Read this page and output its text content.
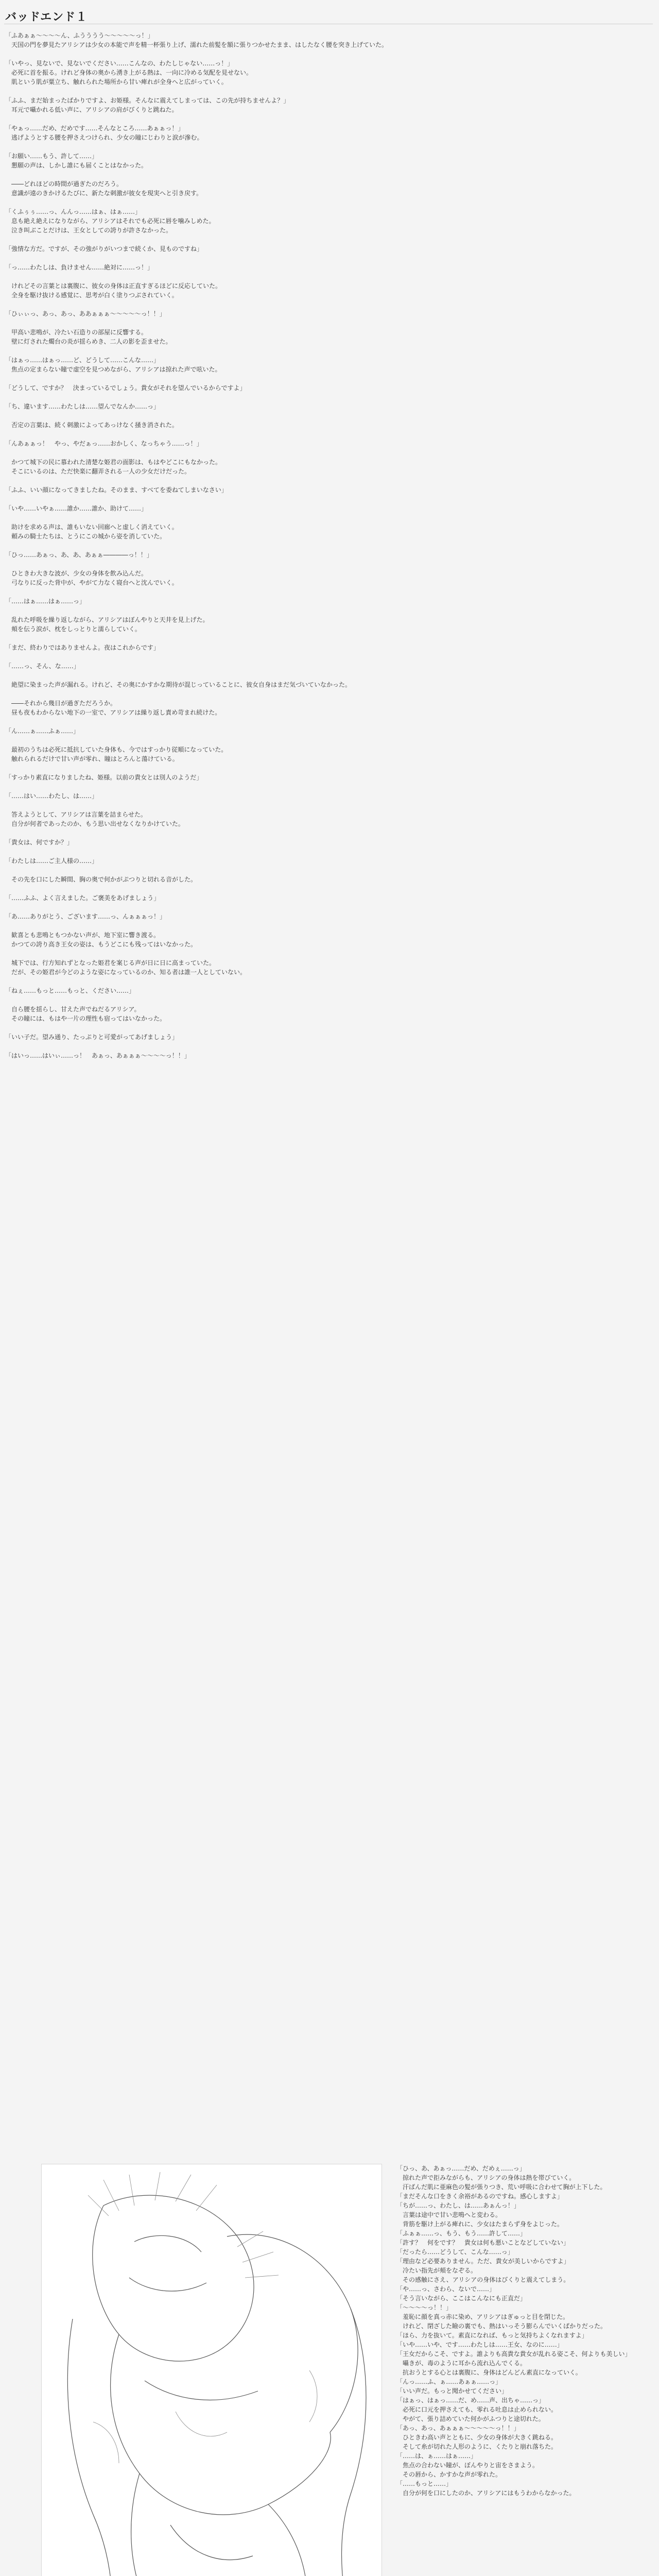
バッドエンド１

「ふあぁぁ～～～～ん、ふうううう～～～～～っ！」

　天国の門を夢見たアリシアは少女の本能で声を精一杯張り上げ、濡れた前髪を額に張りつかせたまま、はしたなく腰を突き上げていた。

「いやっ、見ないで、見ないでください……こんなの、わたしじゃない……っ！」

　必死に首を振る。けれど身体の奥から湧き上がる熱は、一向に冷める気配を見せない。

　肌という肌が粟立ち、触れられた場所から甘い痺れが全身へと広がっていく。

「ふふ、まだ始まったばかりですよ、お姫様。そんなに震えてしまっては、この先が持ちませんよ？」

　耳元で囁かれる低い声に、アリシアの肩がびくりと跳ねた。

「やぁっ……だめ、だめです……そんなところ……あぁぁっ！」

　逃げようとする腰を押さえつけられ、少女の瞳にじわりと涙が滲む。

「お願い……もう、許して……」

　懇願の声は、しかし誰にも届くことはなかった。

　――どれほどの時間が過ぎたのだろう。

　意識が遠のきかけるたびに、新たな刺激が彼女を現実へと引き戻す。

「くふぅぅ……っ、んんっ……はぁ、はぁ……」

　息も絶え絶えになりながら、アリシアはそれでも必死に唇を噛みしめた。

　泣き叫ぶことだけは、王女としての誇りが許さなかった。

「強情な方だ。ですが、その強がりがいつまで続くか、見ものですね」

「っ……わたしは、負けません……絶対に……っ！」

　けれどその言葉とは裏腹に、彼女の身体は正直すぎるほどに反応していた。

　全身を駆け抜ける感覚に、思考が白く塗りつぶされていく。

「ひぃぃっ、あっ、あっ、ああぁぁぁ～～～～～っ！！」

　甲高い悲鳴が、冷たい石造りの部屋に反響する。

　壁に灯された燭台の炎が揺らめき、二人の影を歪ませた。

「はぁっ……はぁっ……ど、どうして……こんな……」

　焦点の定まらない瞳で虚空を見つめながら、アリシアは掠れた声で呟いた。

「どうして、ですか？　決まっているでしょう。貴女がそれを望んでいるからですよ」

「ち、違います……わたしは……望んでなんか……っ」

　否定の言葉は、続く刺激によってあっけなく掻き消された。

「んあぁぁっ！　やっ、やだぁっ……おかしく、なっちゃう……っ！」

　かつて城下の民に慕われた清楚な姫君の面影は、もはやどこにもなかった。

　そこにいるのは、ただ快楽に翻弄される一人の少女だけだった。

「ふふ、いい顔になってきましたね。そのまま、すべてを委ねてしまいなさい」

「いや……いやぁ……誰か……誰か、助けて……」

　助けを求める声は、誰もいない回廊へと虚しく消えていく。

　頼みの騎士たちは、とうにこの城から姿を消していた。

「ひっ……あぁっ、あ、あ、あぁぁ――――っ！！」

　ひときわ大きな波が、少女の身体を飲み込んだ。

　弓なりに反った背中が、やがて力なく寝台へと沈んでいく。

「……はぁ……はぁ……っ」

　乱れた呼吸を繰り返しながら、アリシアはぼんやりと天井を見上げた。

　頬を伝う涙が、枕をしっとりと濡らしていく。

「まだ、終わりではありませんよ。夜はこれからです」

「……っ、そん、な……」

　絶望に染まった声が漏れる。けれど、その奥にかすかな期待が混じっていることに、彼女自身はまだ気づいていなかった。

　――それから幾日が過ぎただろうか。

　昼も夜もわからない地下の一室で、アリシアは繰り返し責め苛まれ続けた。

「ん……ぁ……ふぁ……」

　最初のうちは必死に抵抗していた身体も、今ではすっかり従順になっていた。

　触れられるだけで甘い声が零れ、瞳はとろんと蕩けている。

「すっかり素直になりましたね、姫様。以前の貴女とは別人のようだ」

「……はい……わたし、は……」

　答えようとして、アリシアは言葉を詰まらせた。

　自分が何者であったのか、もう思い出せなくなりかけていた。

「貴女は、何ですか？」

「わたしは……ご主人様の……」

　その先を口にした瞬間、胸の奥で何かがぷつりと切れる音がした。

「……ふふ、よく言えました。ご褒美をあげましょう」

「あ……ありがとう、ございます……っ、んぁぁぁっ！」

　歓喜とも悲鳴ともつかない声が、地下室に響き渡る。

　かつての誇り高き王女の姿は、もうどこにも残ってはいなかった。

　城下では、行方知れずとなった姫君を案じる声が日に日に高まっていた。

　だが、その姫君が今どのような姿になっているのか、知る者は誰一人としていない。

「ねぇ……もっと……もっと、ください……」

　自ら腰を揺らし、甘えた声でねだるアリシア。

　その瞳には、もはや一片の理性も宿ってはいなかった。

「いい子だ。望み通り、たっぷりと可愛がってあげましょう」

「はいっ……はいぃ……っ！　あぁっ、あぁぁぁ～～～～っ！！」

「ひっ、あ、あぁっ……だめ、だめぇ……っ」

　掠れた声で拒みながらも、アリシアの身体は熱を帯びていく。

　汗ばんだ肌に亜麻色の髪が張りつき、荒い呼吸に合わせて胸が上下した。

「まだそんな口をきく余裕があるのですね。感心しますよ」

「ちが……っ、わたし、は……あぁんっ！」

　言葉は途中で甘い悲鳴へと変わる。

　背筋を駆け上がる痺れに、少女はたまらず身をよじった。

「ふぁぁ……っ、もう、もう……許して……」

「許す？　何をです？　貴女は何も悪いことなどしていない」

「だったら……どうして、こんな……っ」

「理由など必要ありません。ただ、貴女が美しいからですよ」

　冷たい指先が頬をなぞる。

　その感触にさえ、アリシアの身体はびくりと震えてしまう。

「や……っ、さわら、ないで……」

「そう言いながら、ここはこんなにも正直だ」

「～～～～っ！！」

　羞恥に顔を真っ赤に染め、アリシアはぎゅっと目を閉じた。

　けれど、閉ざした瞼の裏でも、熱はいっそう膨らんでいくばかりだった。

「ほら、力を抜いて。素直になれば、もっと気持ちよくなれますよ」

「いや……いや、です……わたしは……王女、なのに……」

「王女だからこそ、ですよ。誰よりも高貴な貴女が乱れる姿こそ、何よりも美しい」

　囁きが、毒のように耳から流れ込んでくる。

　抗おうとする心とは裏腹に、身体はどんどん素直になっていく。

「んっ……ふ、ぁ……あぁぁ……っ」

「いい声だ。もっと聞かせてください」

「はぁっ、はぁっ……だ、め……声、出ちゃ……っ」

　必死に口元を押さえても、零れる吐息は止められない。

　やがて、張り詰めていた何かがふつりと途切れた。

「あっ、あっ、あぁぁぁ～～～～～っ！！」

　ひときわ高い声とともに、少女の身体が大きく跳ねる。

　そして糸が切れた人形のように、くたりと崩れ落ちた。

「……は、ぁ……はぁ……」

　焦点の合わない瞳が、ぼんやりと宙をさまよう。

　その唇から、かすかな声が零れた。

「……もっと……」

　自分が何を口にしたのか、アリシアにはもうわからなかった。
